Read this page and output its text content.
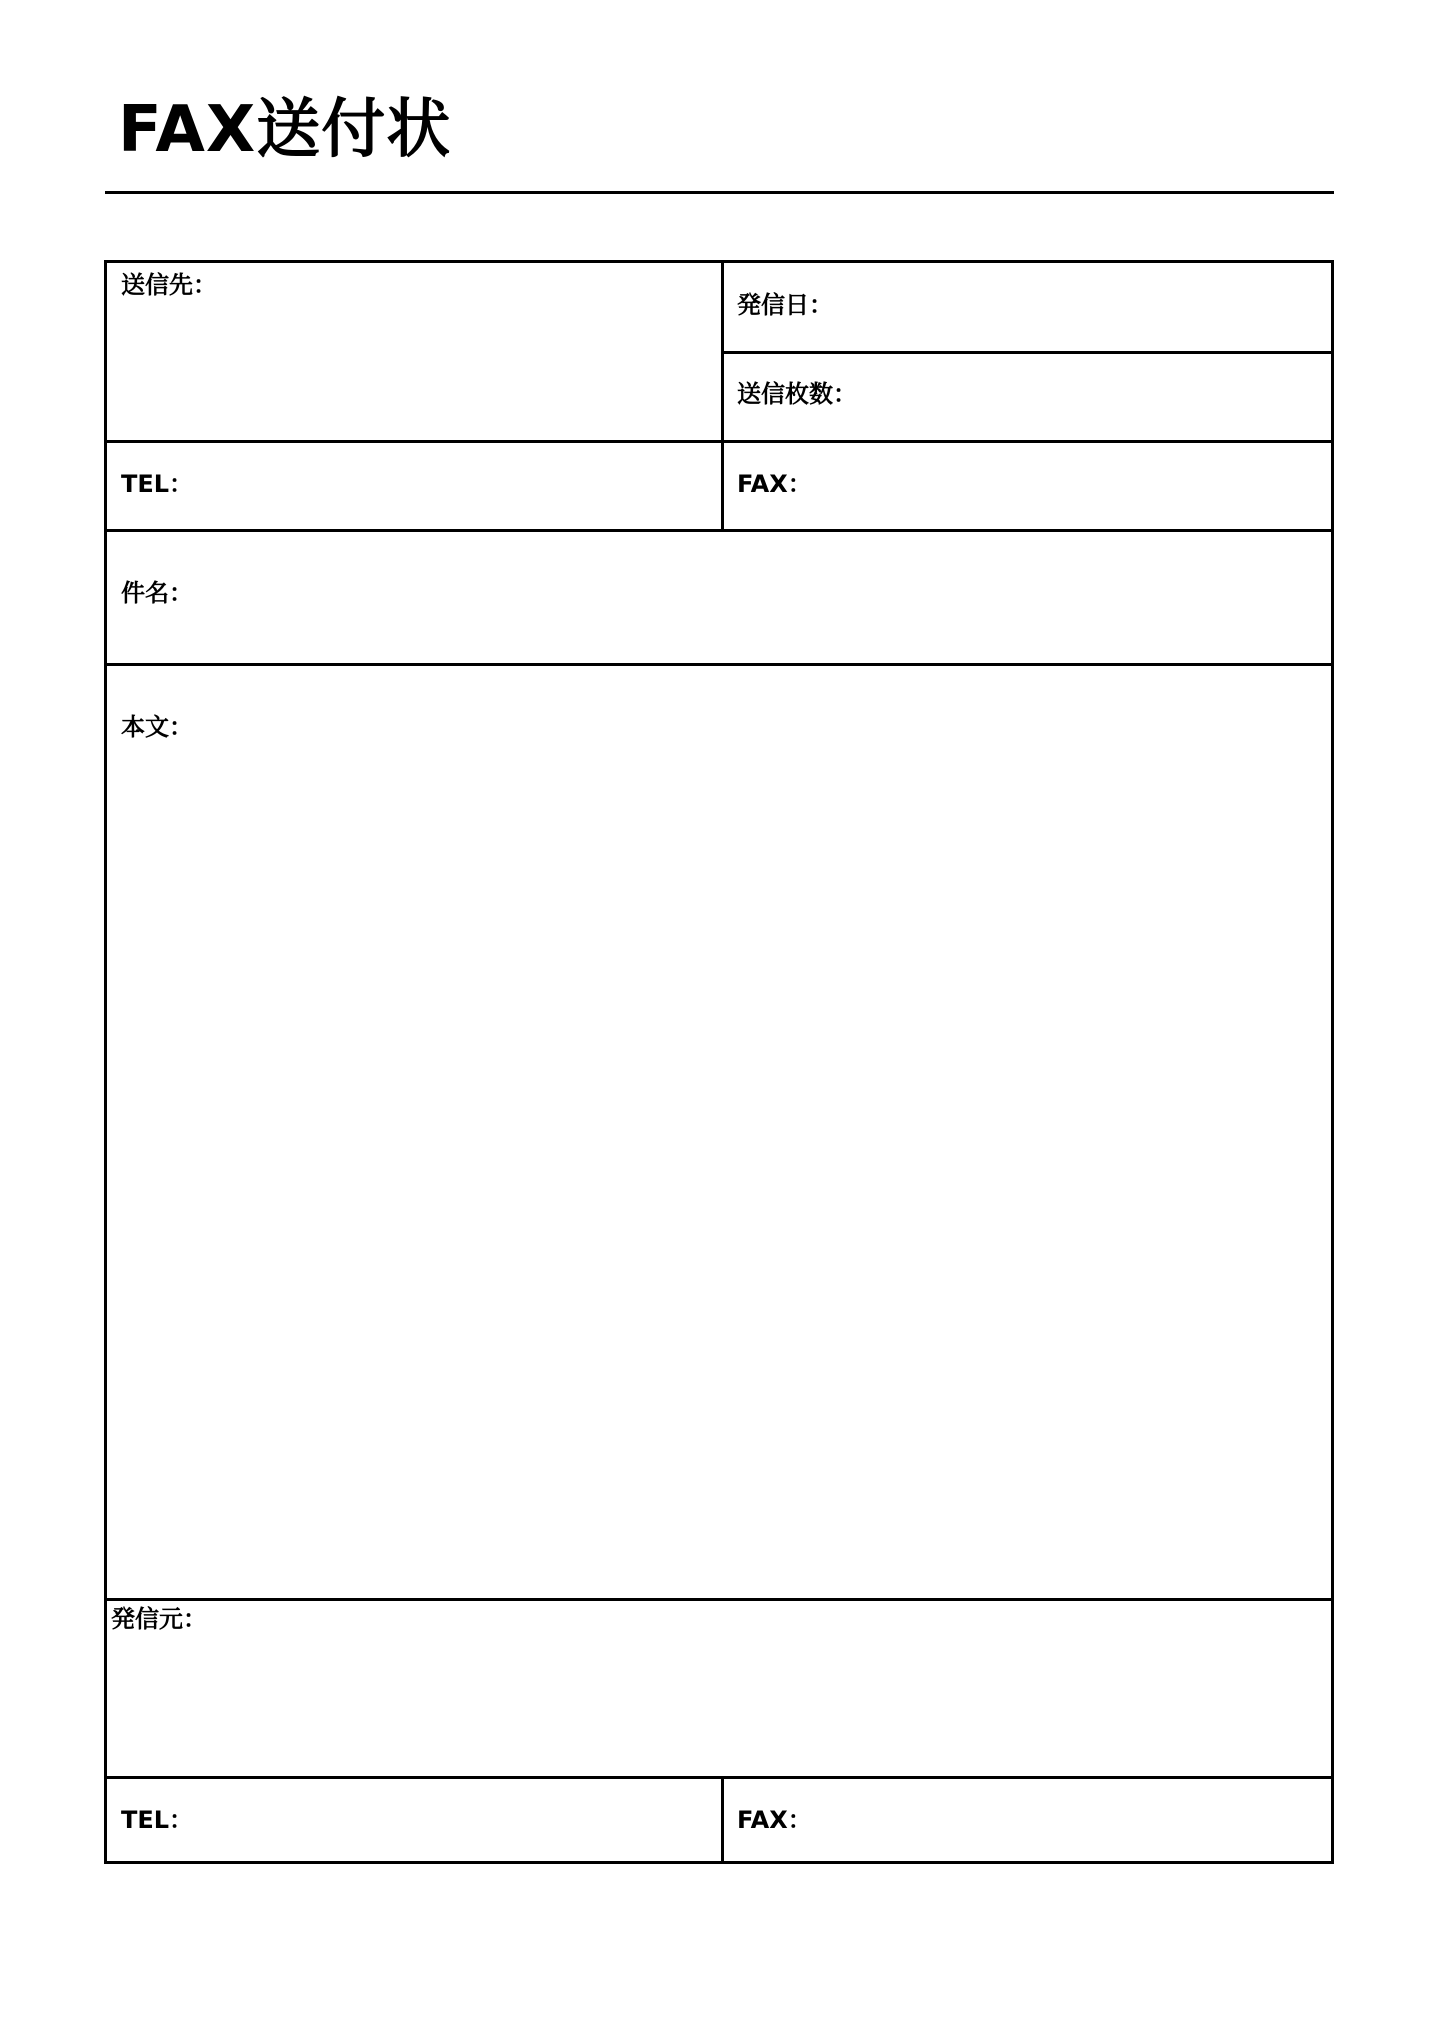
FAX送付状
送信先：
発信日：
送信枚数：
TEL：	FAX：
件名：
本文：
発信元：
TEL：	FAX：
